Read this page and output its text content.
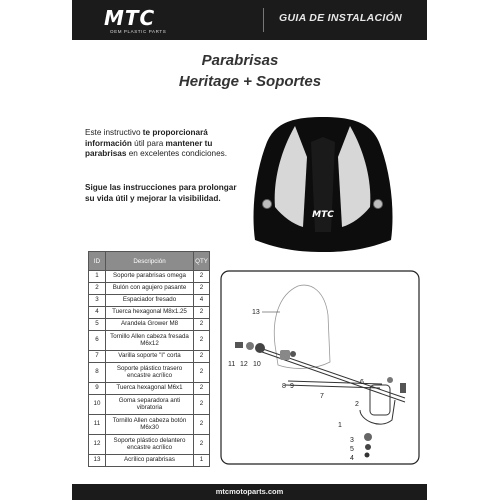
MTC
OEM PLASTIC PARTS
GUIA DE INSTALACIÓN
Parabrisas
Heritage + Soportes
Este instructivo te proporcionará información útil para mantener tu parabrisas en excelentes condiciones.
Sigue las instrucciones para prolongar su vida útil y mejorar la visibilidad.
MTC
ID	Descripción	QTY
1	Soporte parabrisas omega	2
2	Bulón con agujero pasante	2
3	Espaciador fresado	4
4	Tuerca hexagonal M8x1.25	2
5	Arandela Grower M8	2
6	Tornillo Allen cabeza fresada M6x12	2
7	Varilla soporte "I" corta	2
8	Soporte plástico trasero encastre acrílico	2
9	Tuerca hexagonal M6x1	2
10	Goma separadora anti vibratoria	2
11	Tornillo Allen cabeza botón M6x30	2
12	Soporte plástico delantero encastre acrílico	2
13	Acrílico parabrisas	1
13
11 12 10
8 9
7
6
2
1
3
5
4
mtcmotoparts.com
